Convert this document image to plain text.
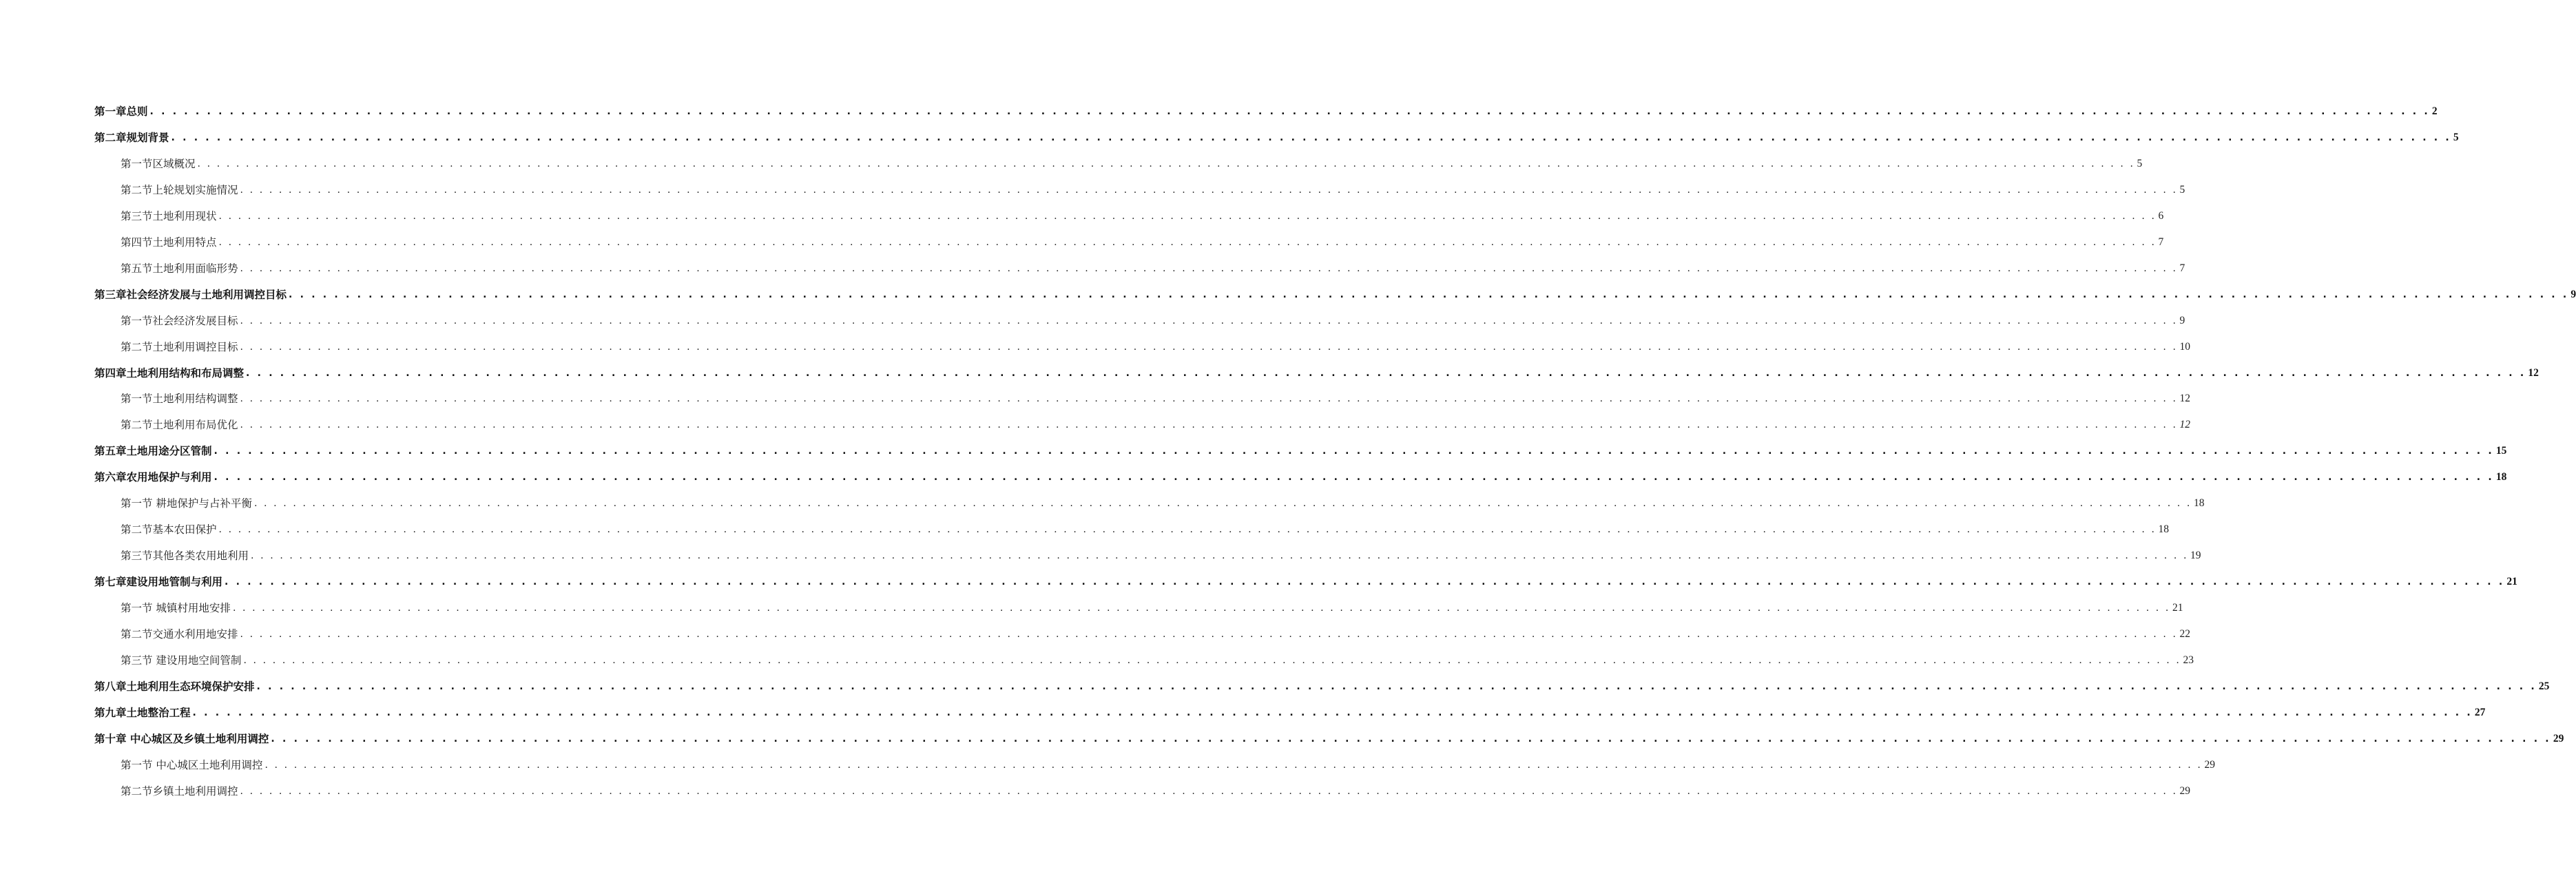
第一章总则 . . . . . . . . . . . . . . . . . . . . . . . . . . . . . . . . . . . . . . . . . . . . . . . . . . . . . . . . . . . . . . . . . . . . . . . . . . . . . . . . . . . . . . . . . . . . . . . . . . . . . . . . . . . . . . . . . . . . . . . . . . . . . . . . . . . . . . . . . . . . . . . . . . . . . . . . . . . . . . . . . . . . . . . . . . . . . . . . . . . . . . . . . . . . . . . . . . . . . . . . 2
第二章规划背景 . . . . . . . . . . . . . . . . . . . . . . . . . . . . . . . . . . . . . . . . . . . . . . . . . . . . . . . . . . . . . . . . . . . . . . . . . . . . . . . . . . . . . . . . . . . . . . . . . . . . . . . . . . . . . . . . . . . . . . . . . . . . . . . . . . . . . . . . . . . . . . . . . . . . . . . . . . . . . . . . . . . . . . . . . . . . . . . . . . . . . . . . . . . . . . . . . . . . . . . . 5
第一节区域概况 . . . . . . . . . . . . . . . . . . . . . . . . . . . . . . . . . . . . . . . . . . . . . . . . . . . . . . . . . . . . . . . . . . . . . . . . . . . . . . . . . . . . . . . . . . . . . . . . . . . . . . . . . . . . . . . . . . . . . . . . . . . . . . . . . . . . . . . . . . . . . . . . . . . . . . . . . . . . . . . . . . . . . . . . . . . . . . . . . . . . . . . . . . . . . . . . . . . . . . . . 5
第二节上轮规划实施情况 . . . . . . . . . . . . . . . . . . . . . . . . . . . . . . . . . . . . . . . . . . . . . . . . . . . . . . . . . . . . . . . . . . . . . . . . . . . . . . . . . . . . . . . . . . . . . . . . . . . . . . . . . . . . . . . . . . . . . . . . . . . . . . . . . . . . . . . . . . . . . . . . . . . . . . . . . . . . . . . . . . . . . . . . . . . . . . . . . . . . . . . . . . . . . . . . . . . . . . . . 5
第三节土地利用现状 . . . . . . . . . . . . . . . . . . . . . . . . . . . . . . . . . . . . . . . . . . . . . . . . . . . . . . . . . . . . . . . . . . . . . . . . . . . . . . . . . . . . . . . . . . . . . . . . . . . . . . . . . . . . . . . . . . . . . . . . . . . . . . . . . . . . . . . . . . . . . . . . . . . . . . . . . . . . . . . . . . . . . . . . . . . . . . . . . . . . . . . . . . . . . . . . . . . . . . . . 6
第四节土地利用特点 . . . . . . . . . . . . . . . . . . . . . . . . . . . . . . . . . . . . . . . . . . . . . . . . . . . . . . . . . . . . . . . . . . . . . . . . . . . . . . . . . . . . . . . . . . . . . . . . . . . . . . . . . . . . . . . . . . . . . . . . . . . . . . . . . . . . . . . . . . . . . . . . . . . . . . . . . . . . . . . . . . . . . . . . . . . . . . . . . . . . . . . . . . . . . . . . . . . . . . . . 7
第五节土地利用面临形势 . . . . . . . . . . . . . . . . . . . . . . . . . . . . . . . . . . . . . . . . . . . . . . . . . . . . . . . . . . . . . . . . . . . . . . . . . . . . . . . . . . . . . . . . . . . . . . . . . . . . . . . . . . . . . . . . . . . . . . . . . . . . . . . . . . . . . . . . . . . . . . . . . . . . . . . . . . . . . . . . . . . . . . . . . . . . . . . . . . . . . . . . . . . . . . . . . . . . . . . . 7
第三章社会经济发展与土地利用调控目标 . . . . . . . . . . . . . . . . . . . . . . . . . . . . . . . . . . . . . . . . . . . . . . . . . . . . . . . . . . . . . . . . . . . . . . . . . . . . . . . . . . . . . . . . . . . . . . . . . . . . . . . . . . . . . . . . . . . . . . . . . . . . . . . . . . . . . . . . . . . . . . . . . . . . . . . . . . . . . . . . . . . . . . . . . . . . . . . . . . . . . . . . . . . . . . . . . . . . . . . . 9
第一节社会经济发展目标 . . . . . . . . . . . . . . . . . . . . . . . . . . . . . . . . . . . . . . . . . . . . . . . . . . . . . . . . . . . . . . . . . . . . . . . . . . . . . . . . . . . . . . . . . . . . . . . . . . . . . . . . . . . . . . . . . . . . . . . . . . . . . . . . . . . . . . . . . . . . . . . . . . . . . . . . . . . . . . . . . . . . . . . . . . . . . . . . . . . . . . . . . . . . . . . . . . . . . . . . 9
第二节土地利用调控目标 . . . . . . . . . . . . . . . . . . . . . . . . . . . . . . . . . . . . . . . . . . . . . . . . . . . . . . . . . . . . . . . . . . . . . . . . . . . . . . . . . . . . . . . . . . . . . . . . . . . . . . . . . . . . . . . . . . . . . . . . . . . . . . . . . . . . . . . . . . . . . . . . . . . . . . . . . . . . . . . . . . . . . . . . . . . . . . . . . . . . . . . . . . . . . . . . . . . . . . . . 10
第四章土地利用结构和布局调整 . . . . . . . . . . . . . . . . . . . . . . . . . . . . . . . . . . . . . . . . . . . . . . . . . . . . . . . . . . . . . . . . . . . . . . . . . . . . . . . . . . . . . . . . . . . . . . . . . . . . . . . . . . . . . . . . . . . . . . . . . . . . . . . . . . . . . . . . . . . . . . . . . . . . . . . . . . . . . . . . . . . . . . . . . . . . . . . . . . . . . . . . . . . . . . . . . . . . . . . . 12
第一节土地利用结构调整 . . . . . . . . . . . . . . . . . . . . . . . . . . . . . . . . . . . . . . . . . . . . . . . . . . . . . . . . . . . . . . . . . . . . . . . . . . . . . . . . . . . . . . . . . . . . . . . . . . . . . . . . . . . . . . . . . . . . . . . . . . . . . . . . . . . . . . . . . . . . . . . . . . . . . . . . . . . . . . . . . . . . . . . . . . . . . . . . . . . . . . . . . . . . . . . . . . . . . . . . 12
第二节土地利用布局优化 . . . . . . . . . . . . . . . . . . . . . . . . . . . . . . . . . . . . . . . . . . . . . . . . . . . . . . . . . . . . . . . . . . . . . . . . . . . . . . . . . . . . . . . . . . . . . . . . . . . . . . . . . . . . . . . . . . . . . . . . . . . . . . . . . . . . . . . . . . . . . . . . . . . . . . . . . . . . . . . . . . . . . . . . . . . . . . . . . . . . . . . . . . . . . . . . . . . . . . . . 12
第五章土地用途分区管制 . . . . . . . . . . . . . . . . . . . . . . . . . . . . . . . . . . . . . . . . . . . . . . . . . . . . . . . . . . . . . . . . . . . . . . . . . . . . . . . . . . . . . . . . . . . . . . . . . . . . . . . . . . . . . . . . . . . . . . . . . . . . . . . . . . . . . . . . . . . . . . . . . . . . . . . . . . . . . . . . . . . . . . . . . . . . . . . . . . . . . . . . . . . . . . . . . . . . . . . . 15
第六章农用地保护与利用 . . . . . . . . . . . . . . . . . . . . . . . . . . . . . . . . . . . . . . . . . . . . . . . . . . . . . . . . . . . . . . . . . . . . . . . . . . . . . . . . . . . . . . . . . . . . . . . . . . . . . . . . . . . . . . . . . . . . . . . . . . . . . . . . . . . . . . . . . . . . . . . . . . . . . . . . . . . . . . . . . . . . . . . . . . . . . . . . . . . . . . . . . . . . . . . . . . . . . . . . 18
第一节 耕地保护与占补平衡 . . . . . . . . . . . . . . . . . . . . . . . . . . . . . . . . . . . . . . . . . . . . . . . . . . . . . . . . . . . . . . . . . . . . . . . . . . . . . . . . . . . . . . . . . . . . . . . . . . . . . . . . . . . . . . . . . . . . . . . . . . . . . . . . . . . . . . . . . . . . . . . . . . . . . . . . . . . . . . . . . . . . . . . . . . . . . . . . . . . . . . . . . . . . . . . . . . . . . . . . 18
第二节基本农田保护 . . . . . . . . . . . . . . . . . . . . . . . . . . . . . . . . . . . . . . . . . . . . . . . . . . . . . . . . . . . . . . . . . . . . . . . . . . . . . . . . . . . . . . . . . . . . . . . . . . . . . . . . . . . . . . . . . . . . . . . . . . . . . . . . . . . . . . . . . . . . . . . . . . . . . . . . . . . . . . . . . . . . . . . . . . . . . . . . . . . . . . . . . . . . . . . . . . . . . . . . 18
第三节其他各类农用地利用 . . . . . . . . . . . . . . . . . . . . . . . . . . . . . . . . . . . . . . . . . . . . . . . . . . . . . . . . . . . . . . . . . . . . . . . . . . . . . . . . . . . . . . . . . . . . . . . . . . . . . . . . . . . . . . . . . . . . . . . . . . . . . . . . . . . . . . . . . . . . . . . . . . . . . . . . . . . . . . . . . . . . . . . . . . . . . . . . . . . . . . . . . . . . . . . . . . . . . . . . 19
第七章建设用地管制与利用 . . . . . . . . . . . . . . . . . . . . . . . . . . . . . . . . . . . . . . . . . . . . . . . . . . . . . . . . . . . . . . . . . . . . . . . . . . . . . . . . . . . . . . . . . . . . . . . . . . . . . . . . . . . . . . . . . . . . . . . . . . . . . . . . . . . . . . . . . . . . . . . . . . . . . . . . . . . . . . . . . . . . . . . . . . . . . . . . . . . . . . . . . . . . . . . . . . . . . . . . 21
第一节 城镇村用地安排 . . . . . . . . . . . . . . . . . . . . . . . . . . . . . . . . . . . . . . . . . . . . . . . . . . . . . . . . . . . . . . . . . . . . . . . . . . . . . . . . . . . . . . . . . . . . . . . . . . . . . . . . . . . . . . . . . . . . . . . . . . . . . . . . . . . . . . . . . . . . . . . . . . . . . . . . . . . . . . . . . . . . . . . . . . . . . . . . . . . . . . . . . . . . . . . . . . . . . . . . 21
第二节交通水利用地安排 . . . . . . . . . . . . . . . . . . . . . . . . . . . . . . . . . . . . . . . . . . . . . . . . . . . . . . . . . . . . . . . . . . . . . . . . . . . . . . . . . . . . . . . . . . . . . . . . . . . . . . . . . . . . . . . . . . . . . . . . . . . . . . . . . . . . . . . . . . . . . . . . . . . . . . . . . . . . . . . . . . . . . . . . . . . . . . . . . . . . . . . . . . . . . . . . . . . . . . . . 22
第三节 建设用地空间管制 . . . . . . . . . . . . . . . . . . . . . . . . . . . . . . . . . . . . . . . . . . . . . . . . . . . . . . . . . . . . . . . . . . . . . . . . . . . . . . . . . . . . . . . . . . . . . . . . . . . . . . . . . . . . . . . . . . . . . . . . . . . . . . . . . . . . . . . . . . . . . . . . . . . . . . . . . . . . . . . . . . . . . . . . . . . . . . . . . . . . . . . . . . . . . . . . . . . . . . . . 23
第八章土地利用生态环境保护安排 . . . . . . . . . . . . . . . . . . . . . . . . . . . . . . . . . . . . . . . . . . . . . . . . . . . . . . . . . . . . . . . . . . . . . . . . . . . . . . . . . . . . . . . . . . . . . . . . . . . . . . . . . . . . . . . . . . . . . . . . . . . . . . . . . . . . . . . . . . . . . . . . . . . . . . . . . . . . . . . . . . . . . . . . . . . . . . . . . . . . . . . . . . . . . . . . . . . . . . . . 25
第九章土地整治工程 . . . . . . . . . . . . . . . . . . . . . . . . . . . . . . . . . . . . . . . . . . . . . . . . . . . . . . . . . . . . . . . . . . . . . . . . . . . . . . . . . . . . . . . . . . . . . . . . . . . . . . . . . . . . . . . . . . . . . . . . . . . . . . . . . . . . . . . . . . . . . . . . . . . . . . . . . . . . . . . . . . . . . . . . . . . . . . . . . . . . . . . . . . . . . . . . . . . . . . . . 27
第十章 中心城区及乡镇土地利用调控 . . . . . . . . . . . . . . . . . . . . . . . . . . . . . . . . . . . . . . . . . . . . . . . . . . . . . . . . . . . . . . . . . . . . . . . . . . . . . . . . . . . . . . . . . . . . . . . . . . . . . . . . . . . . . . . . . . . . . . . . . . . . . . . . . . . . . . . . . . . . . . . . . . . . . . . . . . . . . . . . . . . . . . . . . . . . . . . . . . . . . . . . . . . . . . . . . . . . . . . . 29
第一节 中心城区土地利用调控 . . . . . . . . . . . . . . . . . . . . . . . . . . . . . . . . . . . . . . . . . . . . . . . . . . . . . . . . . . . . . . . . . . . . . . . . . . . . . . . . . . . . . . . . . . . . . . . . . . . . . . . . . . . . . . . . . . . . . . . . . . . . . . . . . . . . . . . . . . . . . . . . . . . . . . . . . . . . . . . . . . . . . . . . . . . . . . . . . . . . . . . . . . . . . . . . . . . . . . . . 29
第二节乡镇土地利用调控 . . . . . . . . . . . . . . . . . . . . . . . . . . . . . . . . . . . . . . . . . . . . . . . . . . . . . . . . . . . . . . . . . . . . . . . . . . . . . . . . . . . . . . . . . . . . . . . . . . . . . . . . . . . . . . . . . . . . . . . . . . . . . . . . . . . . . . . . . . . . . . . . . . . . . . . . . . . . . . . . . . . . . . . . . . . . . . . . . . . . . . . . . . . . . . . . . . . . . . . . 29
